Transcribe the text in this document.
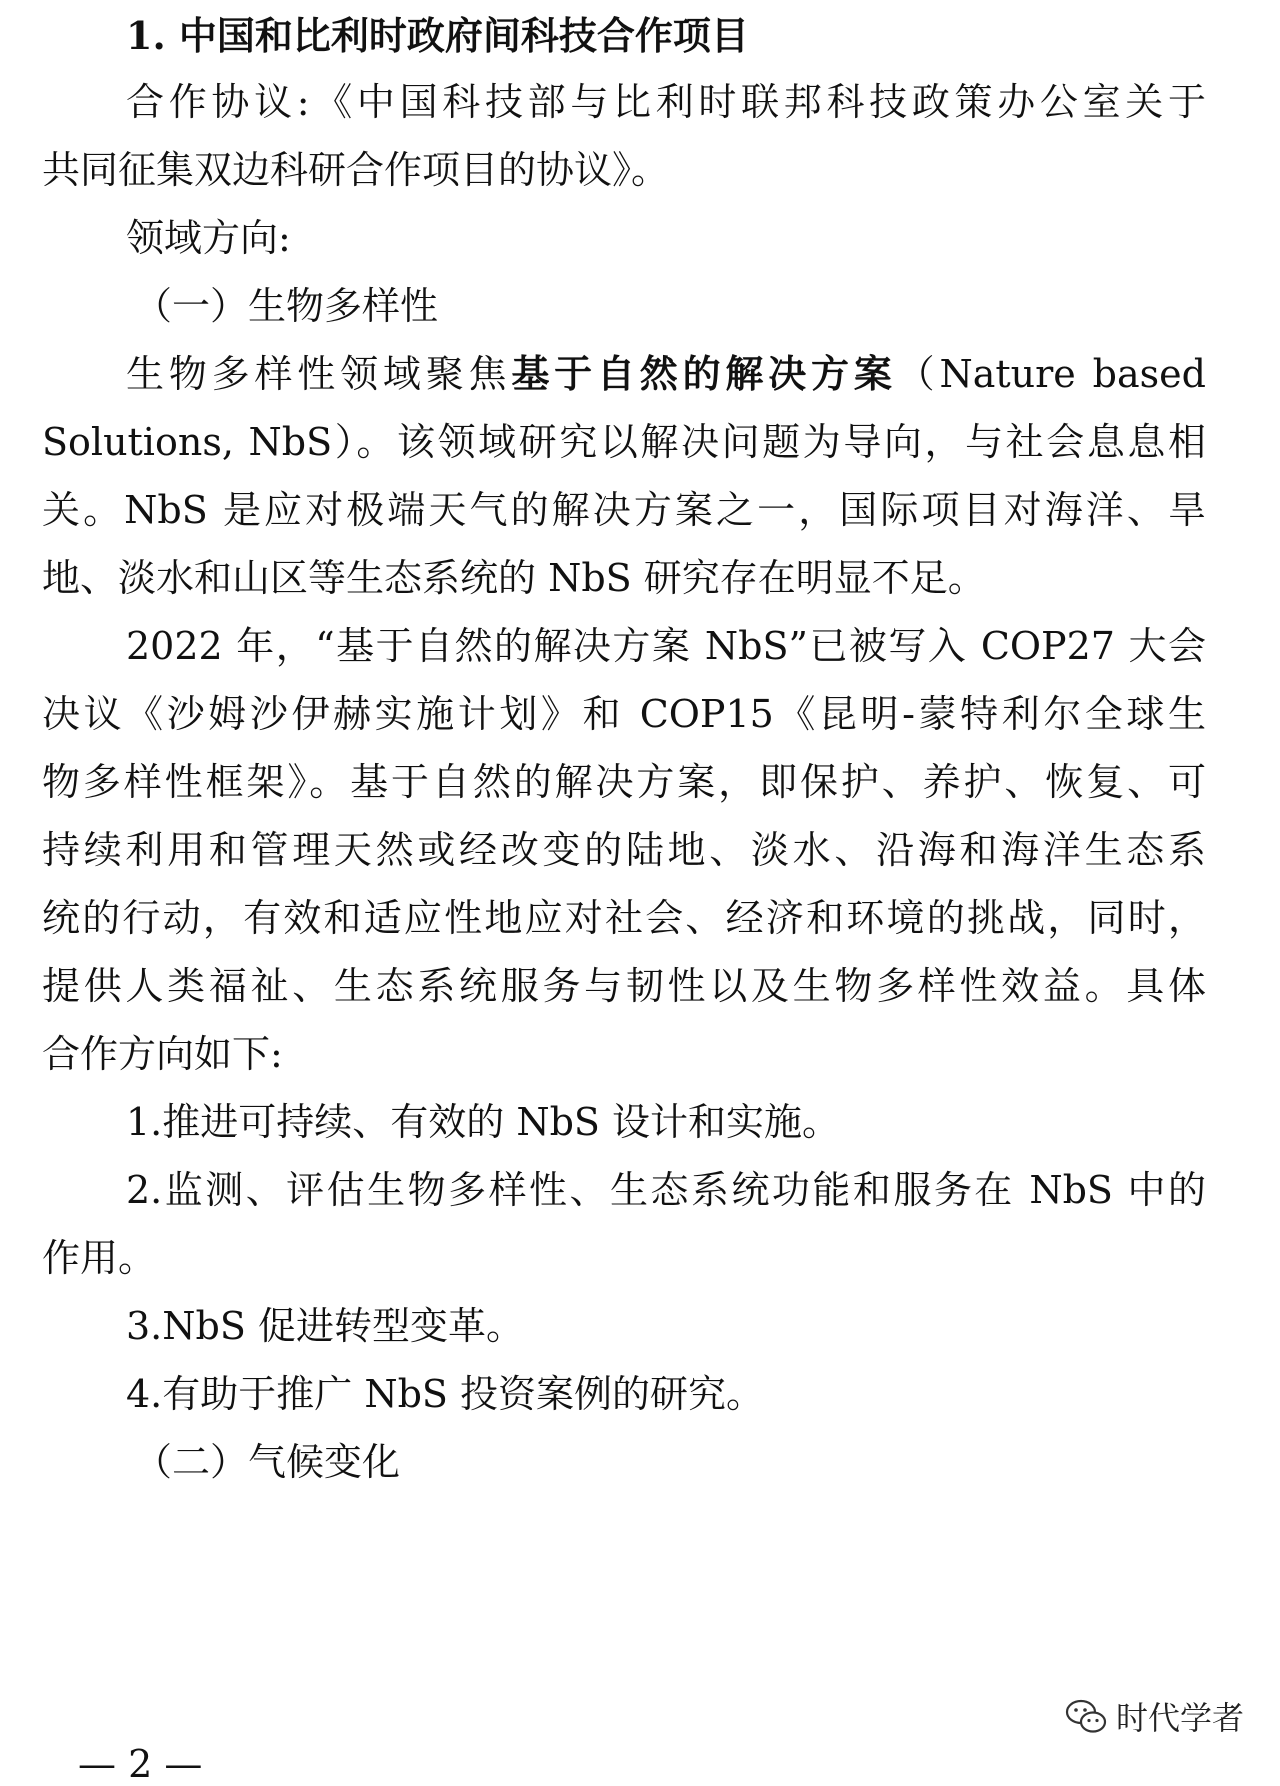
1. 中国和比利时政府间科技合作项目
合作协议:《中国科技部与比利时联邦科技政策办公室关于
共同征集双边科研合作项目的协议》。
领域方向:
（一）生物多样性
生物多样性领域聚焦基于自然的解决方案（Nature based
Solutions, NbS）。该领域研究以解决问题为导向，与社会息息相
关。NbS 是应对极端天气的解决方案之一，国际项目对海洋、旱
地、淡水和山区等生态系统的 NbS 研究存在明显不足。
2022 年，“基于自然的解决方案 NbS”已被写入 COP27 大会
决议《沙姆沙伊赫实施计划》和 COP15《昆明-蒙特利尔全球生
物多样性框架》。基于自然的解决方案，即保护、养护、恢复、可
持续利用和管理天然或经改变的陆地、淡水、沿海和海洋生态系
统的行动，有效和适应性地应对社会、经济和环境的挑战，同时，
提供人类福祉、生态系统服务与韧性以及生物多样性效益。具体
合作方向如下:
1.推进可持续、有效的 NbS 设计和实施。
2.监测、评估生物多样性、生态系统功能和服务在 NbS 中的
作用。
3.NbS 促进转型变革。
4.有助于推广 NbS 投资案例的研究。
（二）气候变化
— 2 —
时代学者
